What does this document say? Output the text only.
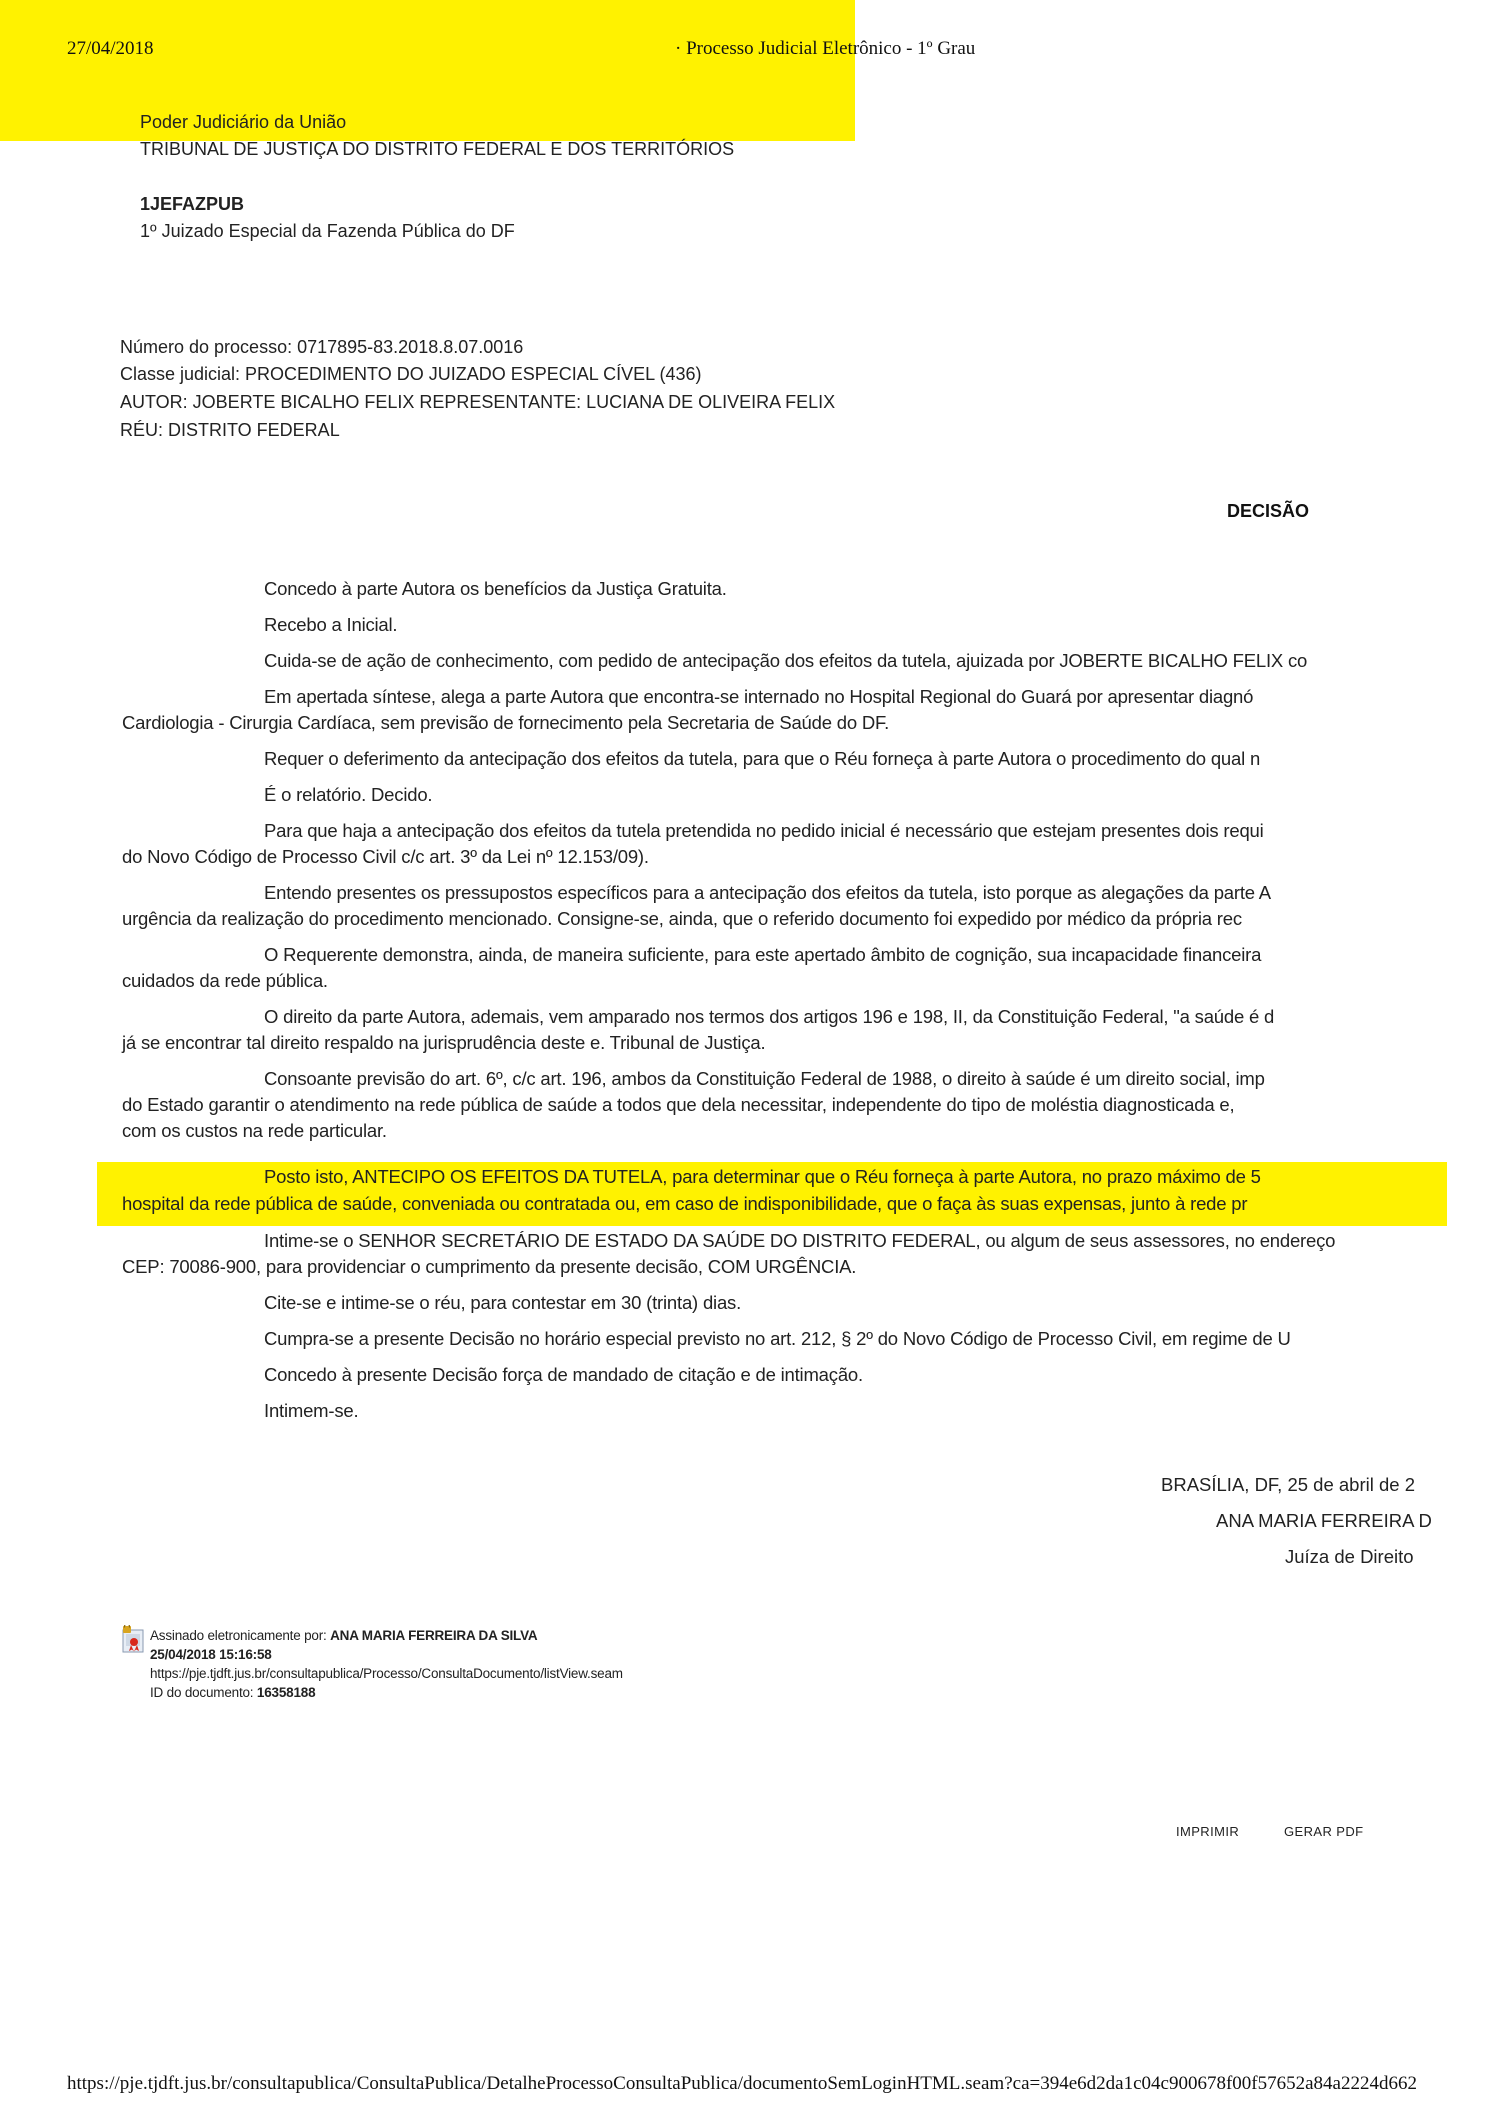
27/04/2018	· Processo Judicial Eletrônico - 1º Grau
Poder Judiciário da União
TRIBUNAL DE JUSTIÇA DO DISTRITO FEDERAL E DOS TERRITÓRIOS
1JEFAZPUB
1º Juizado Especial da Fazenda Pública do DF
Número do processo: 0717895-83.2018.8.07.0016
Classe judicial: PROCEDIMENTO DO JUIZADO ESPECIAL CÍVEL (436)
AUTOR: JOBERTE BICALHO FELIX REPRESENTANTE: LUCIANA DE OLIVEIRA FELIX
RÉU: DISTRITO FEDERAL
DECISÃO
Concedo à parte Autora os benefícios da Justiça Gratuita.
Recebo a Inicial.
Cuida-se de ação de conhecimento, com pedido de antecipação dos efeitos da tutela, ajuizada por JOBERTE BICALHO FELIX co
Em apertada síntese, alega a parte Autora que encontra-se internado no Hospital Regional do Guará por apresentar diagnó
Cardiologia - Cirurgia Cardíaca, sem previsão de fornecimento pela Secretaria de Saúde do DF.
Requer o deferimento da antecipação dos efeitos da tutela, para que o Réu forneça à parte Autora o procedimento do qual n
É o relatório. Decido.
Para que haja a antecipação dos efeitos da tutela pretendida no pedido inicial é necessário que estejam presentes dois requi
do Novo Código de Processo Civil c/c art. 3º da Lei nº 12.153/09).
Entendo presentes os pressupostos específicos para a antecipação dos efeitos da tutela, isto porque as alegações da parte A
urgência da realização do procedimento mencionado. Consigne-se, ainda, que o referido documento foi expedido por médico da própria rec
O Requerente demonstra, ainda, de maneira suficiente, para este apertado âmbito de cognição, sua incapacidade financeira
cuidados da rede pública.
O direito da parte Autora, ademais, vem amparado nos termos dos artigos 196 e 198, II, da Constituição Federal, "a saúde é d
já se encontrar tal direito respaldo na jurisprudência deste e. Tribunal de Justiça.
Consoante previsão do art. 6º, c/c art. 196, ambos da Constituição Federal de 1988, o direito à saúde é um direito social, imp
do Estado garantir o atendimento na rede pública de saúde a todos que dela necessitar, independente do tipo de moléstia diagnosticada e,
com os custos na rede particular.
Posto isto, ANTECIPO OS EFEITOS DA TUTELA, para determinar que o Réu forneça à parte Autora, no prazo máximo de 5
hospital da rede pública de saúde, conveniada ou contratada ou, em caso de indisponibilidade, que o faça às suas expensas, junto à rede pr
Intime-se o SENHOR SECRETÁRIO DE ESTADO DA SAÚDE DO DISTRITO FEDERAL, ou algum de seus assessores, no endereço
CEP: 70086-900, para providenciar o cumprimento da presente decisão, COM URGÊNCIA.
Cite-se e intime-se o réu, para contestar em 30 (trinta) dias.
Cumpra-se a presente Decisão no horário especial previsto no art. 212, § 2º do Novo Código de Processo Civil, em regime de U
Concedo à presente Decisão força de mandado de citação e de intimação.
Intimem-se.
BRASÍLIA, DF, 25 de abril de 2
ANA MARIA FERREIRA D
Juíza de Direito
Assinado eletronicamente por: ANA MARIA FERREIRA DA SILVA
25/04/2018 15:16:58
https://pje.tjdft.jus.br/consultapublica/Processo/ConsultaDocumento/listView.seam
ID do documento: 16358188
IMPRIMIR	GERAR PDF
https://pje.tjdft.jus.br/consultapublica/ConsultaPublica/DetalheProcessoConsultaPublica/documentoSemLoginHTML.seam?ca=394e6d2da1c04c900678f00f57652a84a2224d662
